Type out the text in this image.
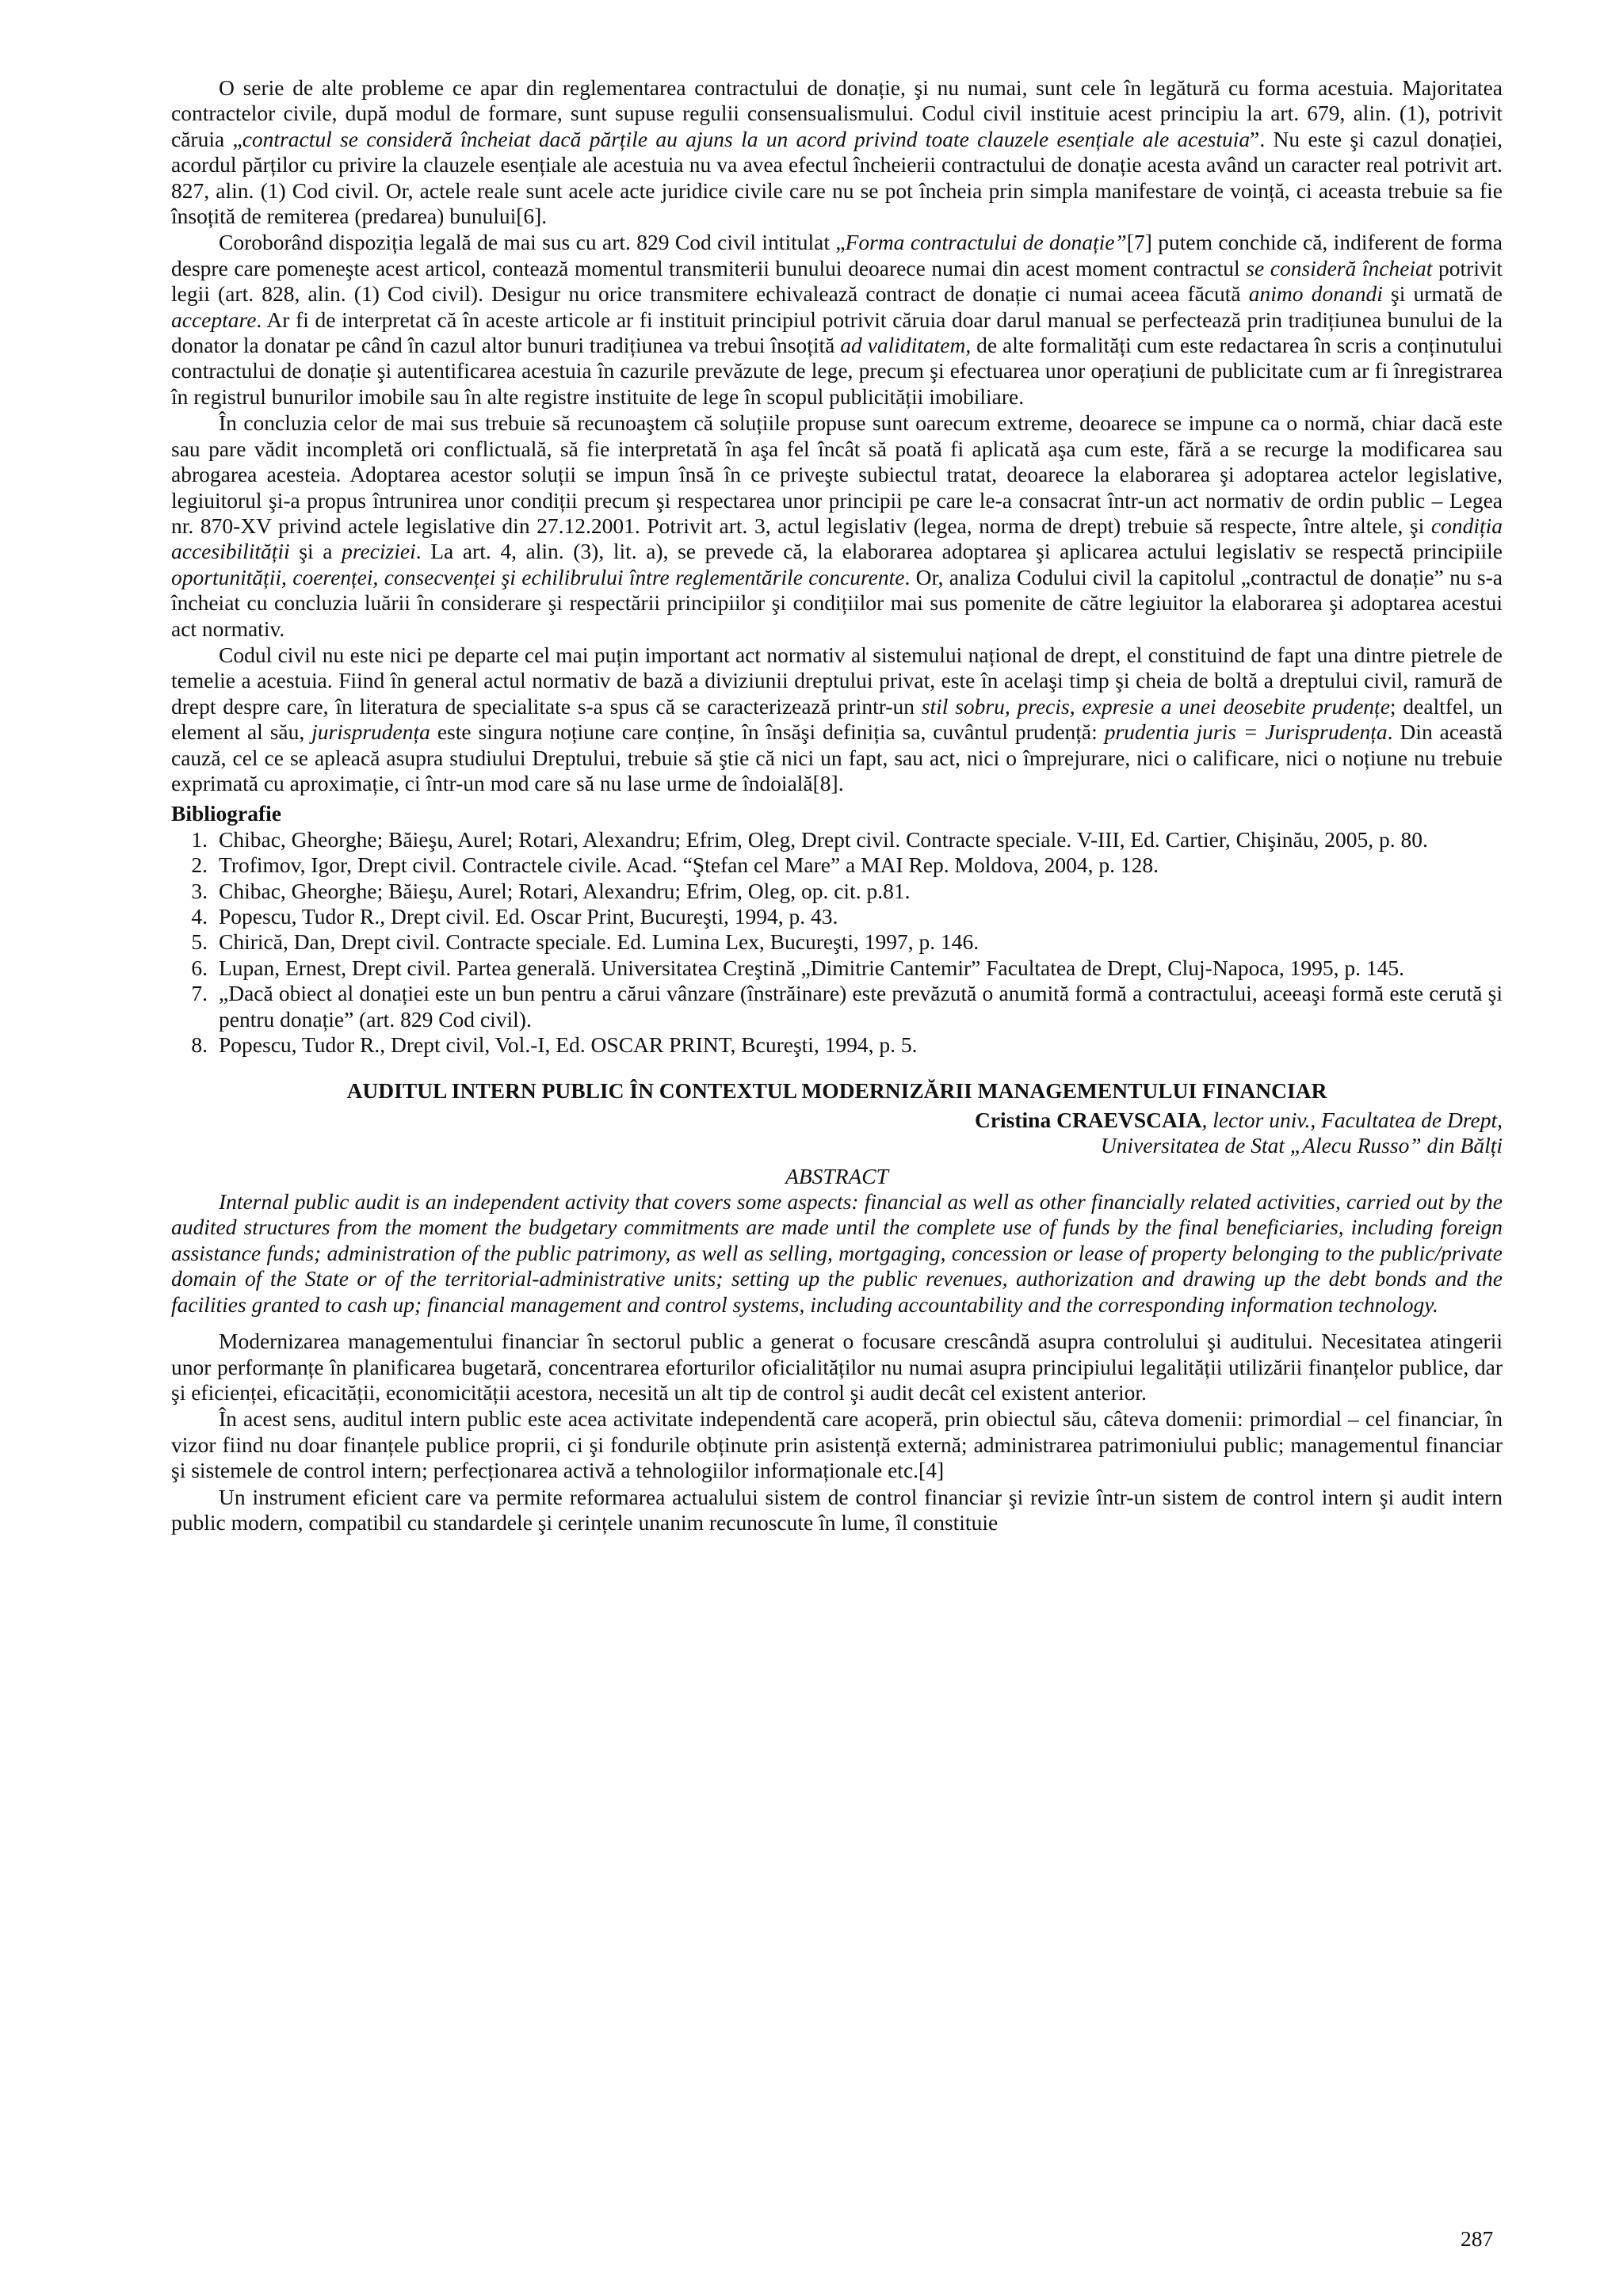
O serie de alte probleme ce apar din reglementarea contractului de donație, şi nu numai, sunt cele în legătură cu forma acestuia. Majoritatea contractelor civile, după modul de formare, sunt supuse regulii consensualismului. Codul civil instituie acest principiu la art. 679, alin. (1), potrivit căruia „contractul se consideră încheiat dacă părțile au ajuns la un acord privind toate clauzele esențiale ale acestuia”. Nu este şi cazul donației, acordul părților cu privire la clauzele esențiale ale acestuia nu va avea efectul încheierii contractului de donație acesta având un caracter real potrivit art. 827, alin. (1) Cod civil. Or, actele reale sunt acele acte juridice civile care nu se pot încheia prin simpla manifestare de voință, ci aceasta trebuie sa fie însoțită de remiterea (predarea) bunului[6].

Coroborând dispoziția legală de mai sus cu art. 829 Cod civil intitulat „Forma contractului de donație”[7] putem conchide că, indiferent de forma despre care pomeneşte acest articol, contează momentul transmiterii bunului deoarece numai din acest moment contractul se consideră încheiat potrivit legii (art. 828, alin. (1) Cod civil). Desigur nu orice transmitere echivalează contract de donație ci numai aceea făcută animo donandi şi urmată de acceptare. Ar fi de interpretat că în aceste articole ar fi instituit principiul potrivit căruia doar darul manual se perfectează prin tradițiunea bunului de la donator la donatar pe când în cazul altor bunuri tradițiunea va trebui însoțită ad validitatem, de alte formalități cum este redactarea în scris a conținutului contractului de donație şi autentificarea acestuia în cazurile prevăzute de lege, precum şi efectuarea unor operațiuni de publicitate cum ar fi înregistrarea în registrul bunurilor imobile sau în alte registre instituite de lege în scopul publicității imobiliare.

În concluzia celor de mai sus trebuie să recunoaştem că soluțiile propuse sunt oarecum extreme, deoarece se impune ca o normă, chiar dacă este sau pare vădit incompletă ori conflictuală, să fie interpretată în aşa fel încât să poată fi aplicată aşa cum este, fără a se recurge la modificarea sau abrogarea acesteia. Adoptarea acestor soluții se impun însă în ce priveşte subiectul tratat, deoarece la elaborarea şi adoptarea actelor legislative, legiuitorul şi-a propus întrunirea unor condiții precum şi respectarea unor principii pe care le-a consacrat într-un act normativ de ordin public – Legea nr. 870-XV privind actele legislative din 27.12.2001. Potrivit art. 3, actul legislativ (legea, norma de drept) trebuie să respecte, între altele, şi condiția accesibilității şi a preciziei. La art. 4, alin. (3), lit. a), se prevede că, la elaborarea adoptarea şi aplicarea actului legislativ se respectă principiile oportunității, coerenței, consecvenței şi echilibrului între reglementările concurente. Or, analiza Codului civil la capitolul „contractul de donație” nu s-a încheiat cu concluzia luării în considerare şi respectării principiilor şi condițiilor mai sus pomenite de către legiuitor la elaborarea şi adoptarea acestui act normativ.

Codul civil nu este nici pe departe cel mai puțin important act normativ al sistemului național de drept, el constituind de fapt una dintre pietrele de temelie a acestuia. Fiind în general actul normativ de bază a diviziunii dreptului privat, este în acelaşi timp şi cheia de boltă a dreptului civil, ramură de drept despre care, în literatura de specialitate s-a spus că se caracterizează printr-un stil sobru, precis, expresie a unei deosebite prudențe; dealtfel, un element al său, jurisprudența este singura noțiune care conține, în însăşi definiția sa, cuvântul prudență: prudentia juris = Jurisprudența. Din această cauză, cel ce se apleacă asupra studiului Dreptului, trebuie să ştie că nici un fapt, sau act, nici o împrejurare, nici o calificare, nici o noțiune nu trebuie exprimată cu aproximație, ci într-un mod care să nu lase urme de îndoială[8].

Bibliografie
Chibac, Gheorghe; Băieşu, Aurel; Rotari, Alexandru; Efrim, Oleg, Drept civil. Contracte speciale. V-III, Ed. Cartier, Chişinău, 2005, p. 80.
Trofimov, Igor, Drept civil. Contractele civile. Acad. “Ştefan cel Mare” a MAI Rep. Moldova, 2004, p. 128.
Chibac, Gheorghe; Băieşu, Aurel; Rotari, Alexandru; Efrim, Oleg, op. cit. p.81.
Popescu, Tudor R., Drept civil. Ed. Oscar Print, Bucureşti, 1994, p. 43.
Chirică, Dan, Drept civil. Contracte speciale. Ed. Lumina Lex, Bucureşti, 1997, p. 146.
Lupan, Ernest, Drept civil. Partea generală. Universitatea Creştină „Dimitrie Cantemir” Facultatea de Drept, Cluj-Napoca, 1995, p. 145.
„Dacă obiect al donației este un bun pentru a cărui vânzare (înstrăinare) este prevăzută o anumită formă a contractului, aceeaşi formă este cerută şi pentru donație” (art. 829 Cod civil).
Popescu, Tudor R., Drept civil, Vol.-I, Ed. OSCAR PRINT, Bcureşti, 1994, p. 5.
AUDITUL INTERN PUBLIC ÎN CONTEXTUL MODERNIZĂRII MANAGEMENTULUI FINANCIAR
Cristina CRAEVSCAIA, lector univ., Facultatea de Drept,
Universitatea de Stat „Alecu Russo” din Bălți
ABSTRACT

Internal public audit is an independent activity that covers some aspects: financial as well as other financially related activities, carried out by the audited structures from the moment the budgetary commitments are made until the complete use of funds by the final beneficiaries, including foreign assistance funds; administration of the public patrimony, as well as selling, mortgaging, concession or lease of property belonging to the public/private domain of the State or of the territorial-administrative units; setting up the public revenues, authorization and drawing up the debt bonds and the facilities granted to cash up; financial management and control systems, including accountability and the corresponding information technology.

Modernizarea managementului financiar în sectorul public a generat o focusare crescândă asupra controlului şi auditului. Necesitatea atingerii unor performanțe în planificarea bugetară, concentrarea eforturilor oficialităților nu numai asupra principiului legalității utilizării finanțelor publice, dar şi eficienței, eficacității, economicității acestora, necesită un alt tip de control şi audit decât cel existent anterior.

În acest sens, auditul intern public este acea activitate independentă care acoperă, prin obiectul său, câteva domenii: primordial – cel financiar, în vizor fiind nu doar finanțele publice proprii, ci şi fondurile obținute prin asistență externă; administrarea patrimoniului public; managementul financiar şi sistemele de control intern; perfecționarea activă a tehnologiilor informaționale etc.[4]

Un instrument eficient care va permite reformarea actualului sistem de control financiar şi revizie într-un sistem de control intern şi audit intern public modern, compatibil cu standardele şi cerințele unanim recunoscute în lume, îl constituie

287
